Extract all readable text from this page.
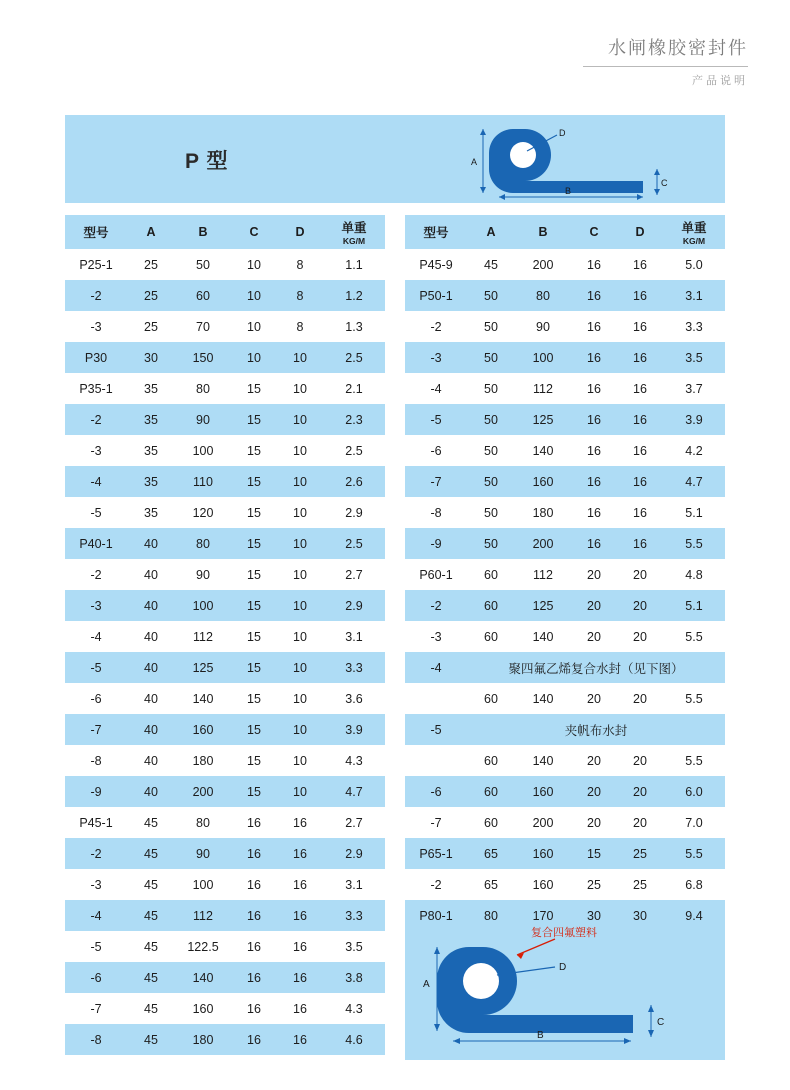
水闸橡胶密封件
产品说明
P 型
D
A
B
C
型号	A	B	C	D	单重
KG/M

P25-1	25	50	10	8	1.1
-2	25	60	10	8	1.2
-3	25	70	10	8	1.3
P30	30	150	10	10	2.5
P35-1	35	80	15	10	2.1
-2	35	90	15	10	2.3
-3	35	100	15	10	2.5
-4	35	110	15	10	2.6
-5	35	120	15	10	2.9
P40-1	40	80	15	10	2.5
-2	40	90	15	10	2.7
-3	40	100	15	10	2.9
-4	40	112	15	10	3.1
-5	40	125	15	10	3.3
-6	40	140	15	10	3.6
-7	40	160	15	10	3.9
-8	40	180	15	10	4.3
-9	40	200	15	10	4.7
P45-1	45	80	16	16	2.7
-2	45	90	16	16	2.9
-3	45	100	16	16	3.1
-4	45	112	16	16	3.3
-5	45	122.5	16	16	3.5
-6	45	140	16	16	3.8
-7	45	160	16	16	4.3
-8	45	180	16	16	4.6
型号	A	B	C	D	单重
KG/M

P45-9	45	200	16	16	5.0
P50-1	50	80	16	16	3.1
-2	50	90	16	16	3.3
-3	50	100	16	16	3.5
-4	50	112	16	16	3.7
-5	50	125	16	16	3.9
-6	50	140	16	16	4.2
-7	50	160	16	16	4.7
-8	50	180	16	16	5.1
-9	50	200	16	16	5.5
P60-1	60	112	20	20	4.8
-2	60	125	20	20	5.1
-3	60	140	20	20	5.5
-4	聚四氟乙烯复合水封（见下图）				
	60	140	20	20	5.5
-5	夹帆布水封				
	60	140	20	20	5.5
-6	60	160	20	20	6.0
-7	60	200	20	20	7.0
P65-1	65	160	15	25	5.5
-2	65	160	25	25	6.8
P80-1	80	170	30	30	9.4
复合四氟塑料
D
A
B
C
